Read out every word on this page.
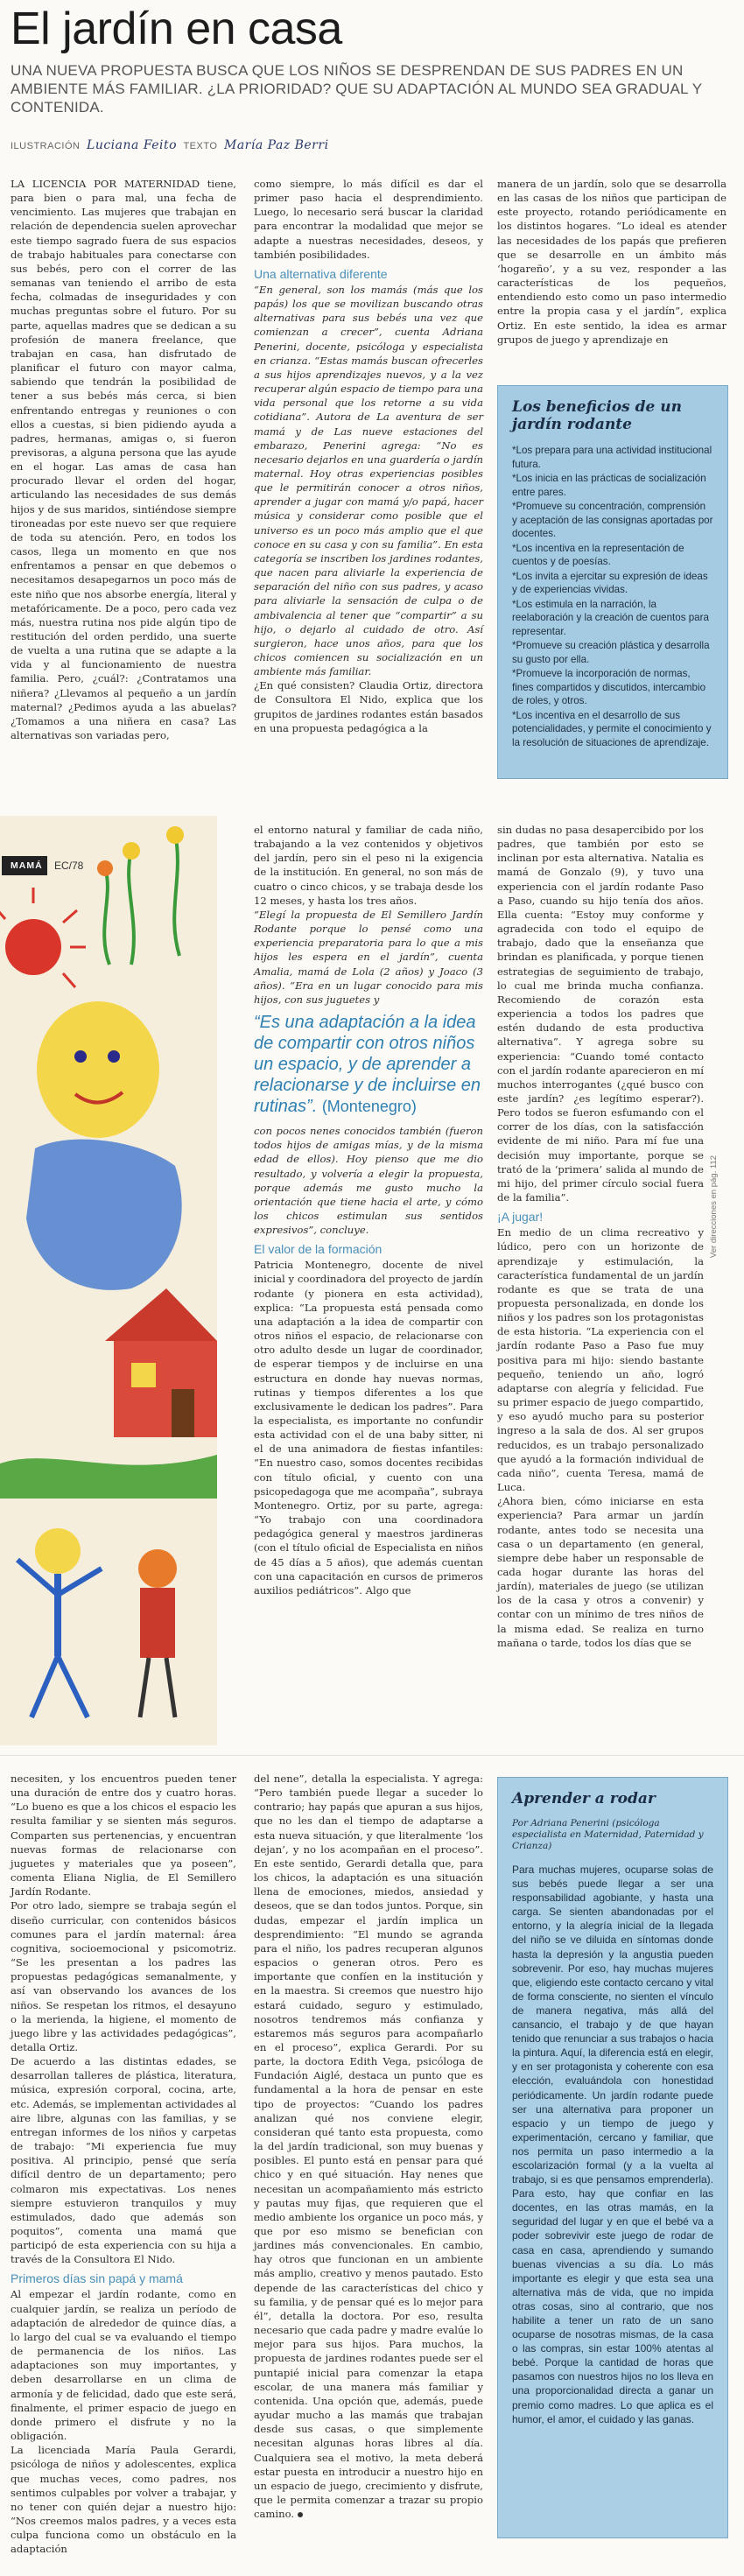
El jardín en casa

UNA NUEVA PROPUESTA BUSCA QUE LOS NIÑOS SE DESPRENDAN DE SUS PADRES EN UN AMBIENTE MÁS FAMILIAR. ¿LA PRIORIDAD? QUE SU ADAPTACIÓN AL MUNDO SEA GRADUAL Y CONTENIDA.

ILUSTRACIÓN Luciana Feito TEXTO María Paz Berri

LA LICENCIA POR MATERNIDAD tiene, para bien o para mal, una fecha de vencimiento. Las mujeres que trabajan en relación de dependencia suelen aprovechar este tiempo sagrado fuera de sus espacios de trabajo habituales para conectarse con sus bebés, pero con el correr de las semanas van teniendo el arribo de esta fecha, colmadas de inseguridades y con muchas preguntas sobre el futuro. Por su parte, aquellas madres que se dedican a su profesión de manera freelance, que trabajan en casa, han disfrutado de planificar el futuro con mayor calma, sabiendo que tendrán la posibilidad de tener a sus bebés más cerca, si bien enfrentando entregas y reuniones o con ellos a cuestas, si bien pidiendo ayuda a padres, hermanas, amigas o, si fueron previsoras, a alguna persona que las ayude en el hogar. Las amas de casa han procurado llevar el orden del hogar, articulando las necesidades de sus demás hijos y de sus maridos, sintiéndose siempre tironeadas por este nuevo ser que requiere de toda su atención. Pero, en todos los casos, llega un momento en que nos enfrentamos a pensar en que debemos o necesitamos desapegarnos un poco más de este niño que nos absorbe energía, literal y metafóricamente. De a poco, pero cada vez más, nuestra rutina nos pide algún tipo de restitución del orden perdido, una suerte de vuelta a una rutina que se adapte a la vida y al funcionamiento de nuestra familia. Pero, ¿cuál?: ¿Contratamos una niñera? ¿Llevamos al pequeño a un jardín maternal? ¿Pedimos ayuda a las abuelas? ¿Tomamos a una niñera en casa? Las alternativas son variadas pero,

como siempre, lo más difícil es dar el primer paso hacia el desprendimiento. Luego, lo necesario será buscar la claridad para encontrar la modalidad que mejor se adapte a nuestras necesidades, deseos, y también posibilidades.

Una alternativa diferente

“En general, son los mamás (más que los papás) los que se movilizan buscando otras alternativas para sus bebés una vez que comienzan a crecer”, cuenta Adriana Penerini, docente, psicóloga y especialista en crianza. “Estas mamás buscan ofrecerles a sus hijos aprendizajes nuevos, y a la vez recuperar algún espacio de tiempo para una vida personal que los retorne a su vida cotidiana”. Autora de La aventura de ser mamá y de Las nueve estaciones del embarazo, Penerini agrega: “No es necesario dejarlos en una guardería o jardín maternal. Hoy otras experiencias posibles que le permitirán conocer a otros niños, aprender a jugar con mamá y/o papá, hacer música y considerar como posible que el universo es un poco más amplio que el que conoce en su casa y con su familia”. En esta categoría se inscriben los jardines rodantes, que nacen para aliviarle la experiencia de separación del niño con sus padres, y acaso para aliviarle la sensación de culpa o de ambivalencia al tener que “compartir” a su hijo, o dejarlo al cuidado de otro. Así surgieron, hace unos años, para que los chicos comiencen su socialización en un ambiente más familiar.

¿En qué consisten? Claudia Ortiz, directora de Consultora El Nido, explica que los grupitos de jardines rodantes están basados en una propuesta pedagógica a la

manera de un jardín, solo que se desarrolla en las casas de los niños que participan de este proyecto, rotando periódicamente en los distintos hogares. “Lo ideal es atender las necesidades de los papás que prefieren que se desarrolle en un ámbito más ‘hogareño’, y a su vez, responder a las características de los pequeños, entendiendo esto como un paso intermedio entre la propia casa y el jardín”, explica Ortiz. En este sentido, la idea es armar grupos de juego y aprendizaje en

Los beneficios de un jardín rodante
*Los prepara para una actividad institucional futura.
*Los inicia en las prácticas de socialización entre pares.
*Promueve su concentración, comprensión y aceptación de las consignas aportadas por docentes.
*Los incentiva en la representación de cuentos y de poesías.
*Los invita a ejercitar su expresión de ideas y de experiencias vividas.
*Los estimula en la narración, la reelaboración y la creación de cuentos para representar.
*Promueve su creación plástica y desarrolla su gusto por ella.
*Promueve la incorporación de normas, fines compartidos y discutidos, intercambio de roles, y otros.
*Los incentiva en el desarrollo de sus potencialidades, y permite el conocimiento y la resolución de situaciones de aprendizaje.
MAMÁ	EC/78

el entorno natural y familiar de cada niño, trabajando a la vez contenidos y objetivos del jardín, pero sin el peso ni la exigencia de la institución. En general, no son más de cuatro o cinco chicos, y se trabaja desde los 12 meses, y hasta los tres años.

“Elegí la propuesta de El Semillero Jardín Rodante porque lo pensé como una experiencia preparatoria para lo que a mis hijos les espera en el jardín”, cuenta Amalia, mamá de Lola (2 años) y Joaco (3 años). “Era en un lugar conocido para mis hijos, con sus juguetes y

“Es una adaptación a la idea de compartir con otros niños un espacio, y de aprender a relacionarse y de incluirse en rutinas”. (Montenegro)

con pocos nenes conocidos también (fueron todos hijos de amigas mías, y de la misma edad de ellos). Hoy pienso que me dio resultado, y volvería a elegir la propuesta, porque además me gusto mucho la orientación que tiene hacia el arte, y cómo los chicos estimulan sus sentidos expresivos”, concluye.

El valor de la formación

Patricia Montenegro, docente de nivel inicial y coordinadora del proyecto de jardín rodante (y pionera en esta actividad), explica: “La propuesta está pensada como una adaptación a la idea de compartir con otros niños el espacio, de relacionarse con otro adulto desde un lugar de coordinador, de esperar tiempos y de incluirse en una estructura en donde hay nuevas normas, rutinas y tiempos diferentes a los que exclusivamente le dedican los padres”. Para la especialista, es importante no confundir esta actividad con el de una baby sitter, ni el de una animadora de fiestas infantiles: “En nuestro caso, somos docentes recibidas con título oficial, y cuento con una psicopedagoga que me acompaña”, subraya Montenegro. Ortiz, por su parte, agrega: “Yo trabajo con una coordinadora pedagógica general y maestros jardineras (con el título oficial de Especialista en niños de 45 días a 5 años), que además cuentan con una capacitación en cursos de primeros auxilios pediátricos”. Algo que

sin dudas no pasa desapercibido por los padres, que también por esto se inclinan por esta alternativa. Natalia es mamá de Gonzalo (9), y tuvo una experiencia con el jardín rodante Paso a Paso, cuando su hijo tenía dos años. Ella cuenta: “Estoy muy conforme y agradecida con todo el equipo de trabajo, dado que la enseñanza que brindan es planificada, y porque tienen estrategias de seguimiento de trabajo, lo cual me brinda mucha confianza. Recomiendo de corazón esta experiencia a todos los padres que estén dudando de esta productiva alternativa”. Y agrega sobre su experiencia: “Cuando tomé contacto con el jardín rodante aparecieron en mí muchos interrogantes (¿qué busco con este jardín? ¿es legítimo esperar?). Pero todos se fueron esfumando con el correr de los días, con la satisfacción evidente de mi niño. Para mí fue una decisión muy importante, porque se trató de la ‘primera’ salida al mundo de mi hijo, del primer círculo social fuera de la familia”.

¡A jugar!

En medio de un clima recreativo y lúdico, pero con un horizonte de aprendizaje y estimulación, la característica fundamental de un jardín rodante es que se trata de una propuesta personalizada, en donde los niños y los padres son los protagonistas de esta historia. “La experiencia con el jardín rodante Paso a Paso fue muy positiva para mi hijo: siendo bastante pequeño, teniendo un año, logró adaptarse con alegría y felicidad. Fue su primer espacio de juego compartido, y eso ayudó mucho para su posterior ingreso a la sala de dos. Al ser grupos reducidos, es un trabajo personalizado que ayudó a la formación individual de cada niño”, cuenta Teresa, mamá de Luca.

¿Ahora bien, cómo iniciarse en esta experiencia? Para armar un jardín rodante, antes todo se necesita una casa o un departamento (en general, siempre debe haber un responsable de cada hogar durante las horas del jardín), materiales de juego (se utilizan los de la casa y otros a convenir) y contar con un mínimo de tres niños de la misma edad. Se realiza en turno mañana o tarde, todos los días que se

Ver direcciones en pág. 112

necesiten, y los encuentros pueden tener una duración de entre dos y cuatro horas. “Lo bueno es que a los chicos el espacio les resulta familiar y se sienten más seguros. Comparten sus pertenencias, y encuentran nuevas formas de relacionarse con juguetes y materiales que ya poseen”, comenta Eliana Niglia, de El Semillero Jardín Rodante.

Por otro lado, siempre se trabaja según el diseño curricular, con contenidos básicos comunes para el jardín maternal: área cognitiva, socioemocional y psicomotriz. “Se les presentan a los padres las propuestas pedagógicas semanalmente, y así van observando los avances de los niños. Se respetan los ritmos, el desayuno o la merienda, la higiene, el momento de juego libre y las actividades pedagógicas”, detalla Ortiz.

De acuerdo a las distintas edades, se desarrollan talleres de plástica, literatura, música, expresión corporal, cocina, arte, etc. Además, se implementan actividades al aire libre, algunas con las familias, y se entregan informes de los niños y carpetas de trabajo: “Mi experiencia fue muy positiva. Al principio, pensé que sería difícil dentro de un departamento; pero colmaron mis expectativas. Los nenes siempre estuvieron tranquilos y muy estimulados, dado que además son poquitos”, comenta una mamá que participó de esta experiencia con su hija a través de la Consultora El Nido.

Primeros días sin papá y mamá

Al empezar el jardín rodante, como en cualquier jardín, se realiza un período de adaptación de alrededor de quince días, a lo largo del cual se va evaluando el tiempo de permanencia de los niños. Las adaptaciones son muy importantes, y deben desarrollarse en un clima de armonía y de felicidad, dado que este será, finalmente, el primer espacio de juego en donde primero el disfrute y no la obligación.

La licenciada María Paula Gerardi, psicóloga de niños y adolescentes, explica que muchas veces, como padres, nos sentimos culpables por volver a trabajar, y no tener con quién dejar a nuestro hijo: “Nos creemos malos padres, y a veces esta culpa funciona como un obstáculo en la adaptación

del nene”, detalla la especialista. Y agrega: “Pero también puede llegar a suceder lo contrario; hay papás que apuran a sus hijos, que no les dan el tiempo de adaptarse a esta nueva situación, y que literalmente ‘los dejan’, y no los acompañan en el proceso”. En este sentido, Gerardi detalla que, para los chicos, la adaptación es una situación llena de emociones, miedos, ansiedad y deseos, que se dan todos juntos. Porque, sin dudas, empezar el jardín implica un desprendimiento: “El mundo se agranda para el niño, los padres recuperan algunos espacios o generan otros. Pero es importante que confíen en la institución y en la maestra. Si creemos que nuestro hijo estará cuidado, seguro y estimulado, nosotros tendremos más confianza y estaremos más seguros para acompañarlo en el proceso”, explica Gerardi. Por su parte, la doctora Edith Vega, psicóloga de Fundación Aiglé, destaca un punto que es fundamental a la hora de pensar en este tipo de proyectos: “Cuando los padres analizan qué nos conviene elegir, consideran qué tanto esta propuesta, como la del jardín tradicional, son muy buenas y posibles. El punto está en pensar para qué chico y en qué situación. Hay nenes que necesitan un acompañamiento más estricto y pautas muy fijas, que requieren que el medio ambiente los organice un poco más, y que por eso mismo se benefician con jardines más convencionales. En cambio, hay otros que funcionan en un ambiente más amplio, creativo y menos pautado. Esto depende de las características del chico y su familia, y de pensar qué es lo mejor para él”, detalla la doctora. Por eso, resulta necesario que cada padre y madre evalúe lo mejor para sus hijos. Para muchos, la propuesta de jardines rodantes puede ser el puntapié inicial para comenzar la etapa escolar, de una manera más familiar y contenida. Una opción que, además, puede ayudar mucho a las mamás que trabajan desde sus casas, o que simplemente necesitan algunas horas libres al día. Cualquiera sea el motivo, la meta deberá estar puesta en introducir a nuestro hijo en un espacio de juego, crecimiento y disfrute, que le permita comenzar a trazar su propio camino.

Aprender a rodar
Por Adriana Penerini (psicóloga especialista en Maternidad, Paternidad y Crianza)
Para muchas mujeres, ocuparse solas de sus bebés puede llegar a ser una responsabilidad agobiante, y hasta una carga. Se sienten abandonadas por el entorno, y la alegría inicial de la llegada del niño se ve diluida en síntomas donde hasta la depresión y la angustia pueden sobrevenir. Por eso, hay muchas mujeres que, eligiendo este contacto cercano y vital de forma consciente, no sienten el vínculo de manera negativa, más allá del cansancio, el trabajo y de que hayan tenido que renunciar a sus trabajos o hacia la pintura. Aquí, la diferencia está en elegir, y en ser protagonista y coherente con esa elección, evaluándola con honestidad periódicamente. Un jardín rodante puede ser una alternativa para proponer un espacio y un tiempo de juego y experimentación, cercano y familiar, que nos permita un paso intermedio a la escolarización formal (y a la vuelta al trabajo, si es que pensamos emprenderla). Para esto, hay que confiar en las docentes, en las otras mamás, en la seguridad del lugar y en que el bebé va a poder sobrevivir este juego de rodar de casa en casa, aprendiendo y sumando buenas vivencias a su día. Lo más importante es elegir y que esta sea una alternativa más de vida, que no impida otras cosas, sino al contrario, que nos habilite a tener un rato de un sano ocuparse de nosotras mismas, de la casa o las compras, sin estar 100% atentas al bebé. Porque la cantidad de horas que pasamos con nuestros hijos no los lleva en una proporcionalidad directa a ganar un premio como madres. Lo que aplica es el humor, el amor, el cuidado y las ganas.
